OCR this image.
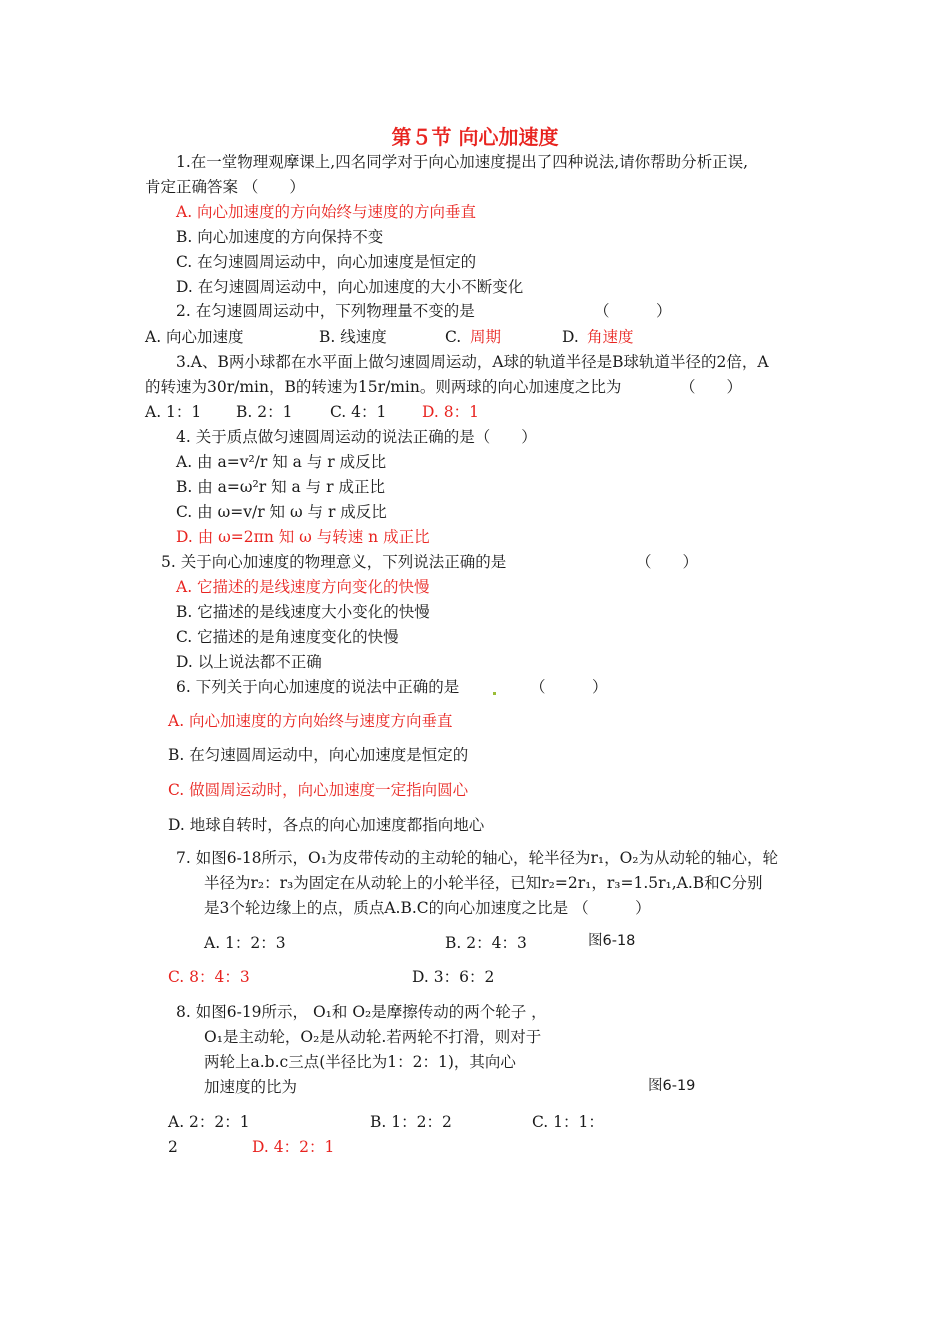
第５节 向心加速度
1.在一堂物理观摩课上,四名同学对于向心加速度提出了四种说法,请你帮助分析正误,
肯定正确答案 （　　）
A. 向心加速度的方向始终与速度的方向垂直
B. 向心加速度的方向保持不变
C. 在匀速圆周运动中，向心加速度是恒定的
D. 在匀速圆周运动中，向心加速度的大小不断变化
2. 在匀速圆周运动中，下列物理量不变的是	（　　　）
A. 向心加速度	B. 线速度	C. 周期	D. 角速度
3.A、B两小球都在水平面上做匀速圆周运动，A球的轨道半径是B球轨道半径的2倍，A
的转速为30r/min，B的转速为15r/min。则两球的向心加速度之比为	（　　）
A. 1：1 B. 2：1 C. 4：1 D. 8：1
4. 关于质点做匀速圆周运动的说法正确的是（　　）
A. 由 a=v²/r 知 a 与 r 成反比
B. 由 a=ω²r 知 a 与 r 成正比
C. 由 ω=v/r 知 ω 与 r 成反比
D. 由 ω=2πn 知 ω 与转速 n 成正比
5. 关于向心加速度的物理意义，下列说法正确的是	（　　）
A. 它描述的是线速度方向变化的快慢
B. 它描述的是线速度大小变化的快慢
C. 它描述的是角速度变化的快慢
D. 以上说法都不正确
6. 下列关于向心加速度的说法中正确的是	（　　　）
A. 向心加速度的方向始终与速度方向垂直
B. 在匀速圆周运动中，向心加速度是恒定的
C. 做圆周运动时，向心加速度一定指向圆心
D. 地球自转时，各点的向心加速度都指向地心
7. 如图6-18所示，O₁为皮带传动的主动轮的轴心，轮半径为r₁，O₂为从动轮的轴心，轮
半径为r₂：r₃为固定在从动轮上的小轮半径，已知r₂=2r₁，r₃=1.5r₁,A.B和C分别
是3个轮边缘上的点，质点A.B.C的向心加速度之比是 （　　　）
A. 1：2：3	B. 2：4：3	图6-18
C. 8：4：3	D. 3：6：2
8. 如图6-19所示， O₁和 O₂是摩擦传动的两个轮子 ，
O₁是主动轮，O₂是从动轮.若两轮不打滑，则对于
两轮上a.b.c三点(半径比为1：2：1)，其向心
加速度的比为	图6-19
A. 2：2：1	B. 1：2：2	C. 1：1：
2	D. 4：2：1
